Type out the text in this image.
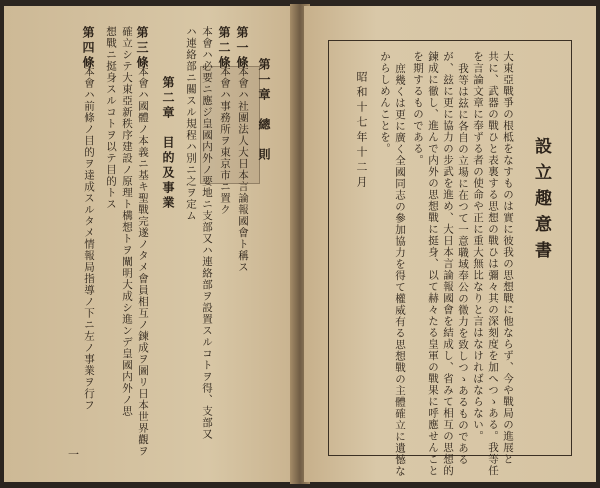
第一章　總　則
第一條
本會ハ社團法人大日本言論報國會ト稱ス
第二條
本會ハ事務所ヲ東京市ニ置ク
本會ハ必要ニ應ジ皇國内外ノ要地ニ支部又ハ連絡部ヲ設置スルコトヲ得、支部又
ハ連絡部ニ關スル規程ハ別ニ之ヲ定ム
第二章　目的及事業
第三條
本會ハ國體ノ本義ニ基キ聖戰完遂ノタメ會員相互ノ鍊成ヲ圖リ日本世界觀ヲ
確立シテ大東亞新秩序建設ノ原理ト構想トヲ闡明大成シ進ンデ皇國内外ノ思
想戰ニ挺身スルコトヲ以テ目的トス
第四條
本會ハ前條ノ目的ヲ達成スルタメ情報局指導ノ下ニ左ノ事業ヲ行フ
一
設立趣意書
大東亞戰爭の根柢をなすものは實に彼我の思想戰に他ならず、今や戰局の進展と
共に、武器の戰ひと表裏する思想の戰ひは彌々其の深刻度を加へつゝある。我等任
を言論文章に奉ずる者の使命や正に重大無比なりと言はなければならない。
我等は玆に各自の立場に在つて一意職域奉公の微力を致しつゝあるものである
が、玆に更に協力の步武を進め、大日本言論報國會を結成し、省みて相互の思想的
鍊成に徹し、進んで内外の思想戰に挺身、以て赫々たる皇軍の戰果に呼應せんこと
を期するものである。
庶幾くは更に廣く全國同志の參加協力を得て權威有る思想戰の主體確立に遺憾な
からしめんことを。
昭和十七年十二月
